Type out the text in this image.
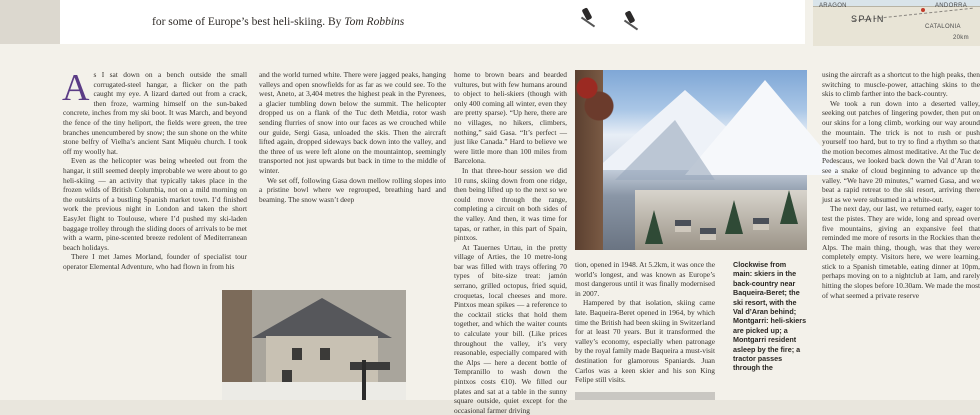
for some of Europe’s best heli-skiing. By Tom Robbins
ARAGON	ANDORRA
SPAIN
CATALONIA
20km

As I sat down on a bench outside the small corrugated-steel hangar, a flicker on the path caught my eye. A lizard darted out from a crack, then froze, warming himself on the sun-baked concrete, inches from my ski boot. It was March, and beyond the fence of the tiny heliport, the fields were green, the tree branches unencumbered by snow; the sun shone on the white stone belfry of Vielha’s ancient Sant Miquèu church. I took off my woolly hat.

Even as the helicopter was being wheeled out from the hangar, it still seemed deeply improbable we were about to go heli-skiing — an activity that typically takes place in the frozen wilds of British Columbia, not on a mild morning on the outskirts of a bustling Spanish market town. I’d finished work the previous night in London and taken the short EasyJet flight to Toulouse, where I’d pushed my ski-laden baggage trolley through the sliding doors of arrivals to be met with a warm, pine-scented breeze redolent of Mediterranean beach holidays.

There I met James Morland, founder of specialist tour operator Elemental Adventure, who had flown in from his

and the world turned white. There were jagged peaks, hanging valleys and open snowfields for as far as we could see. To the west, Aneto, at 3,404 metres the highest peak in the Pyrenees, a glacier tumbling down below the summit. The helicopter dropped us on a flank of the Tuc deth Metdia, rotor wash sending flurries of snow into our faces as we crouched while our guide, Sergi Gasa, unloaded the skis. Then the aircraft lifted again, dropped sideways back down into the valley, and the three of us were left alone on the mountaintop, seemingly transported not just upwards but back in time to the middle of winter.

We set off, following Gasa down mellow rolling slopes into a pristine bowl where we regrouped, breathing hard and beaming. The snow wasn’t deep

home to brown bears and bearded vultures, but with few humans around to object to heli-skiers (though with only 400 coming all winter, even they are pretty sparse). “Up here, there are no villages, no hikers, climbers, nothing,” said Gasa. “It’s perfect — just like Canada.” Hard to believe we were little more than 100 miles from Barcelona.

In that three-hour session we did 10 runs, skiing down from one ridge, then being lifted up to the next so we could move through the range, completing a circuit on both sides of the valley. And then, it was time for tapas, or rather, in this part of Spain, pintxos.

At Tauernes Urtau, in the pretty village of Arties, the 10 metre-long bar was filled with trays offering 70 types of bite-size treat: jamón serrano, grilled octopus, fried squid, croquetas, local cheeses and more. Pintxos mean spikes — a reference to the cocktail sticks that hold them together, and which the waiter counts to calculate your bill. (Like prices throughout the valley, it’s very reasonable, especially compared with the Alps — here a decent bottle of Tempranillo to wash down the pintxos costs €10). We filled our plates and sat at a table in the sunny square outside, quiet except for the occasional farmer driving

tion, opened in 1948. At 5.2km, it was once the world’s longest, and was known as Europe’s most dangerous until it was finally modernised in 2007.

Hampered by that isolation, skiing came late. Baqueira-Beret opened in 1964, by which time the British had been skiing in Switzerland for at least 70 years. But it transformed the valley’s economy, especially when patronage by the royal family made Baqueira a must-visit destination for glamorous Spaniards. Juan Carlos was a keen skier and his son King Felipe still visits.

Clockwise from main: skiers in the back-country near Baqueira-Beret; the ski resort, with the Val d’Aran behind; Montgarri: heli-skiers are picked up; a Montgarri resident asleep by the fire; a tractor passes through the

using the aircraft as a shortcut to the high peaks, then switching to muscle-power, attaching skins to the skis to climb farther into the back-country.

We took a run down into a deserted valley, seeking out patches of lingering powder, then put on our skins for a long climb, working our way around the mountain. The trick is not to rush or push yourself too hard, but to try to find a rhythm so that the motion becomes almost meditative. At the Tuc de Pedescaus, we looked back down the Val d’Aran to see a snake of cloud beginning to advance up the valley. “We have 20 minutes,” warned Gasa, and we beat a rapid retreat to the ski resort, arriving there just as we were subsumed in a white-out.

The next day, our last, we returned early, eager to test the pistes. They are wide, long and spread over five mountains, giving an expansive feel that reminded me more of resorts in the Rockies than the Alps. The main thing, though, was that they were completely empty. Visitors here, we were learning, stick to a Spanish timetable, eating dinner at 10pm, perhaps moving on to a nightclub at 1am, and rarely hitting the slopes before 10.30am. We made the most of what seemed a private reserve
